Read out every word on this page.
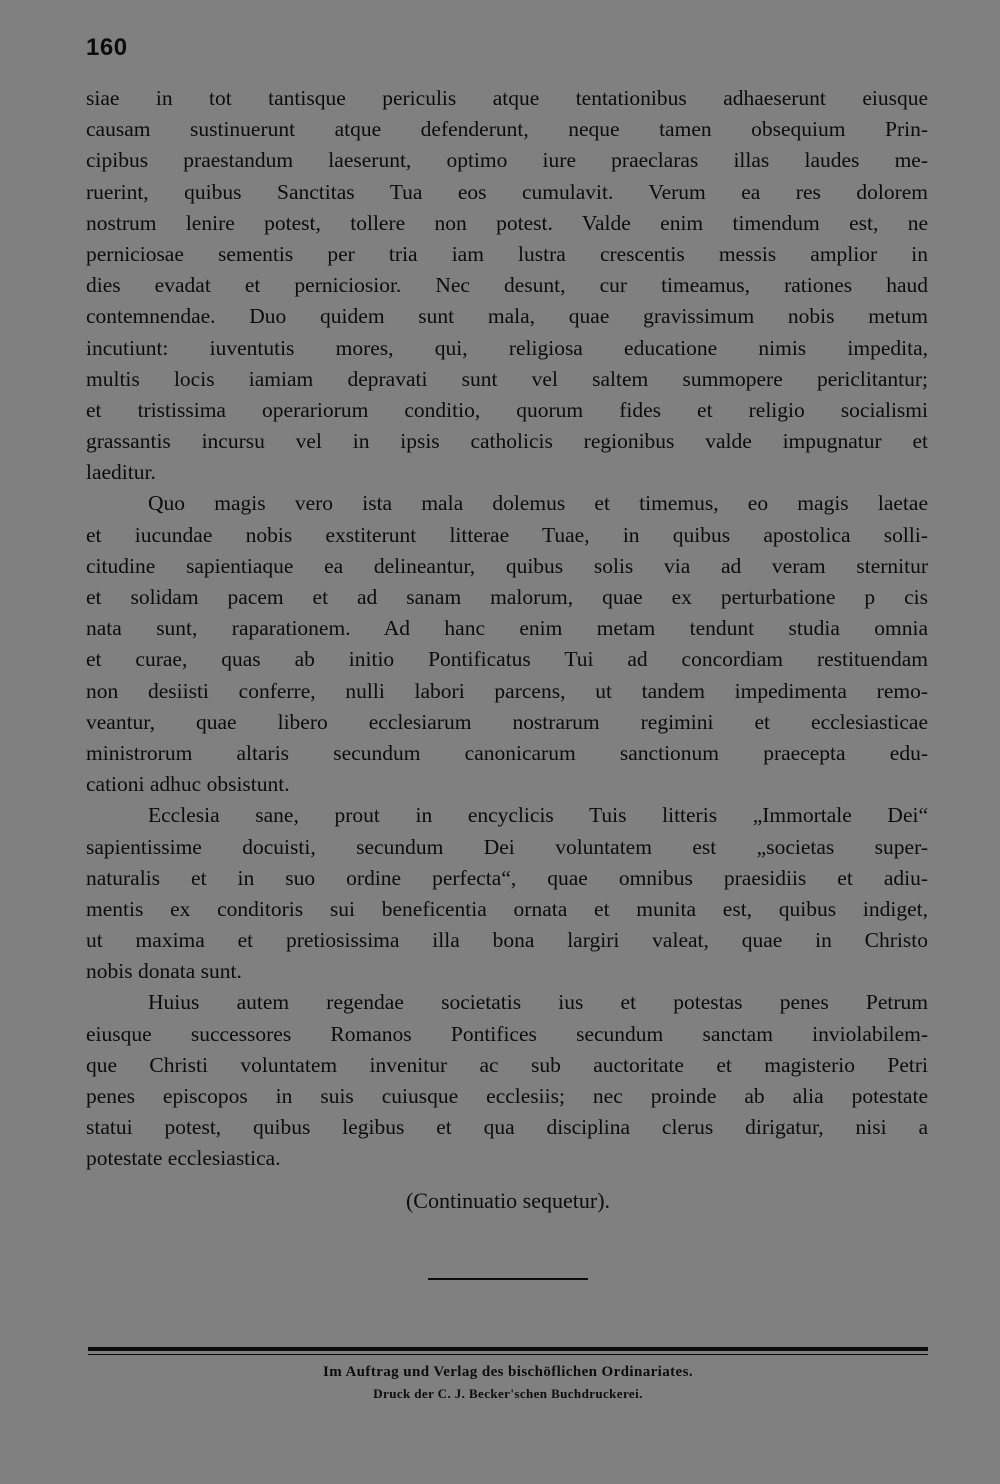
160
siae in tot tantisque periculis atque tentationibus adhaeserunt eiusque
causam sustinuerunt atque defenderunt, neque tamen obsequium Prin-
cipibus praestandum laeserunt, optimo iure praeclaras illas laudes me-
ruerint, quibus Sanctitas Tua eos cumulavit. Verum ea res dolorem
nostrum lenire potest, tollere non potest. Valde enim timendum est, ne
perniciosae sementis per tria iam lustra crescentis messis amplior in
dies evadat et perniciosior. Nec desunt, cur timeamus, rationes haud
contemnendae. Duo quidem sunt mala, quae gravissimum nobis metum
incutiunt: iuventutis mores, qui, religiosa educatione nimis impedita,
multis locis iamiam depravati sunt vel saltem summopere periclitantur;
et tristissima operariorum conditio, quorum fides et religio socialismi
grassantis incursu vel in ipsis catholicis regionibus valde impugnatur et
laeditur.
Quo magis vero ista mala dolemus et timemus, eo magis laetae
et iucundae nobis exstiterunt litterae Tuae, in quibus apostolica solli-
citudine sapientiaque ea delineantur, quibus solis via ad veram sternitur
et solidam pacem et ad sanam malorum, quae ex perturbatione p cis
nata sunt, raparationem. Ad hanc enim metam tendunt studia omnia
et curae, quas ab initio Pontificatus Tui ad concordiam restituendam
non desiisti conferre, nulli labori parcens, ut tandem impedimenta remo-
veantur, quae libero ecclesiarum nostrarum regimini et ecclesiasticae
ministrorum altaris secundum canonicarum sanctionum praecepta edu-
cationi adhuc obsistunt.
Ecclesia sane, prout in encyclicis Tuis litteris „Immortale Dei“
sapientissime docuisti, secundum Dei voluntatem est „societas super-
naturalis et in suo ordine perfecta“, quae omnibus praesidiis et adiu-
mentis ex conditoris sui beneficentia ornata et munita est, quibus indiget,
ut maxima et pretiosissima illa bona largiri valeat, quae in Christo
nobis donata sunt.
Huius autem regendae societatis ius et potestas penes Petrum
eiusque successores Romanos Pontifices secundum sanctam inviolabilem-
que Christi voluntatem invenitur ac sub auctoritate et magisterio Petri
penes episcopos in suis cuiusque ecclesiis; nec proinde ab alia potestate
statui potest, quibus legibus et qua disciplina clerus dirigatur, nisi a
potestate ecclesiastica.
(Continuatio sequetur).
Im Auftrag und Verlag des bischöflichen Ordinariates.
Druck der C. J. Becker'schen Buchdruckerei.
